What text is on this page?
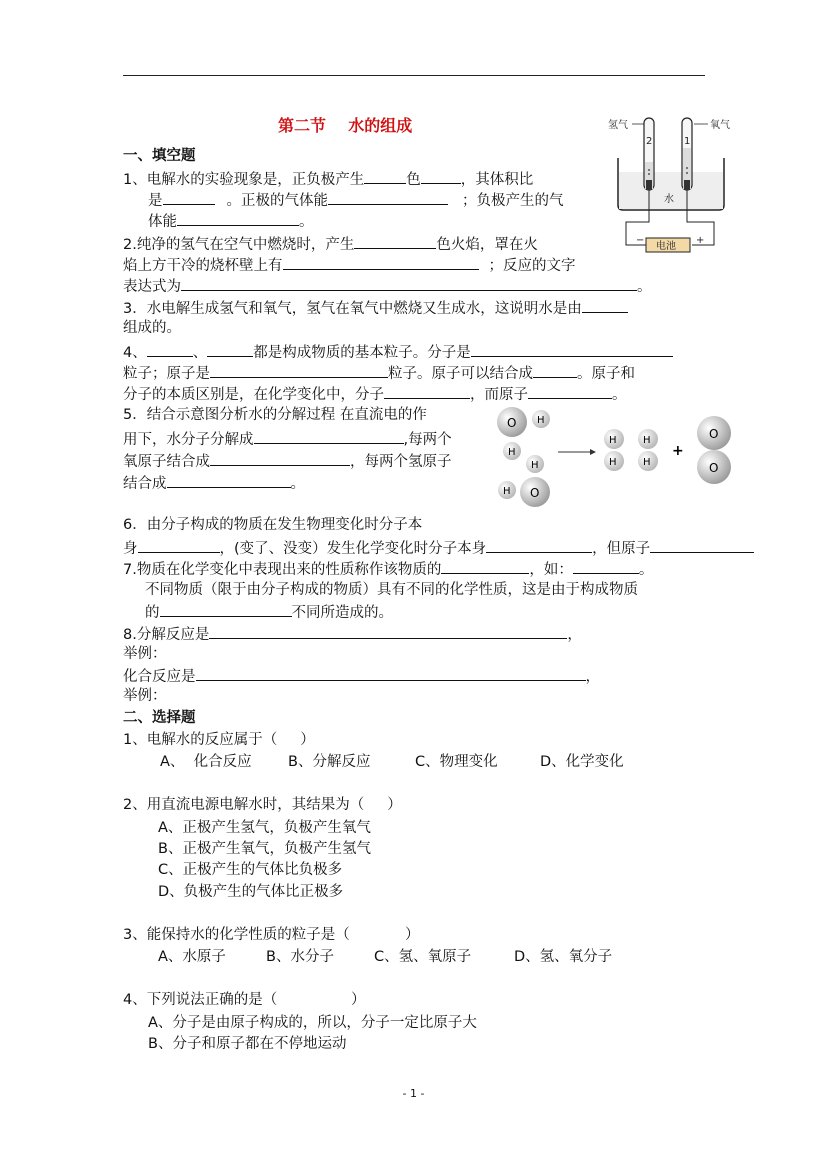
第二节    水的组成
一、填空题
1、电解水的实验现象是，正负极产生	色	，其体积比
是	。正极的气体能	；负极产生的气
体能	。
2.纯净的氢气在空气中燃烧时，产生	色火焰，罩在火
焰上方干冷的烧杯壁上有	；反应的文字
表达式为	。
3．水电解生成氢气和氧气，氢气在氧气中燃烧又生成水，这说明水是由
组成的。
4、	、	都是构成物质的基本粒子。分子是
粒子；原子是	粒子。原子可以结合成	。原子和
分子的本质区别是，在化学变化中，分子	，而原子	。
5．结合示意图分析水的分解过程 在直流电的作
用下，水分子分解成	,每两个
氧原子结合成	，每两个氢原子
结合成	。
6．由分子构成的物质在发生物理变化时分子本
身	，(变了、没变）发生化学变化时分子本身	，但原子
7.物质在化学变化中表现出来的性质称作该物质的	，如：	。
不同物质（限于由分子构成的物质）具有不同的化学性质，这是由于构成物质
的	不同所造成的。
8.分解反应是	，
举例：
化合反应是	，
举例：
二、选择题
1、电解水的反应属于（     ）
A、  化合反应	B、分解反应	C、物理变化	D、化学变化
2、用直流电源电解水时，其结果为（     ）
A、正极产生氢气，负极产生氧气
B、正极产生氧气，负极产生氢气
C、正极产生的气体比负极多
D、负极产生的气体比正极多
3、能保持水的化学性质的粒子是（            ）
A、水原子	B、水分子	C、氢、氧原子	D、氢、氧分子
4、下列说法正确的是（                ）
A、分子是由原子构成的，所以，分子一定比原子大
B、分子和原子都在不停地运动
氢气	氧气
2	1
水
电池
−	+
O H
H
O
H
H
H	H
H	H
+
O
O
- 1 -
